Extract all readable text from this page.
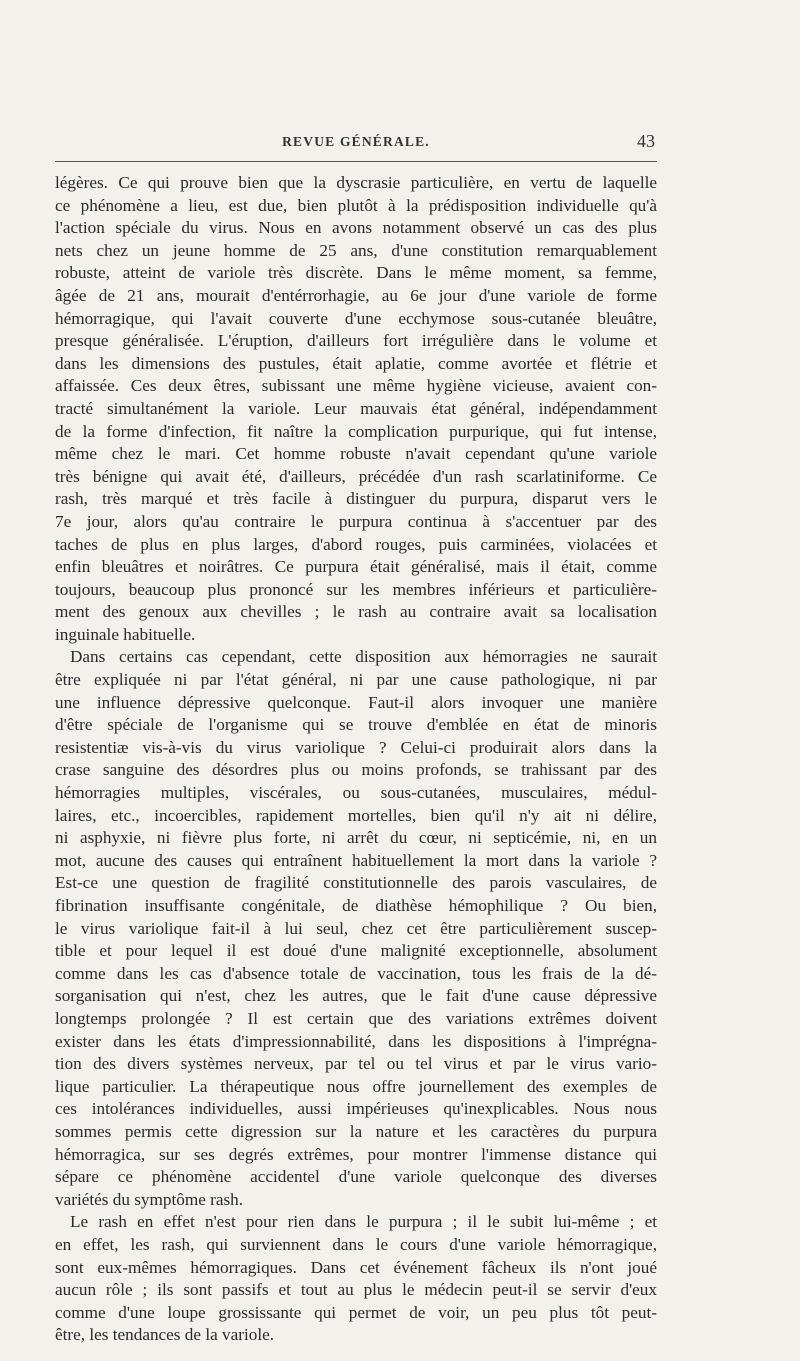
REVUE GÉNÉRALE.	43
légères. Ce qui prouve bien que la dyscrasie particulière, en vertu de laquelle
ce phénomène a lieu, est due, bien plutôt à la prédisposition individuelle qu'à
l'action spéciale du virus. Nous en avons notamment observé un cas des plus
nets chez un jeune homme de 25 ans, d'une constitution remarquablement
robuste, atteint de variole très discrète. Dans le même moment, sa femme,
âgée de 21 ans, mourait d'entérrorhagie, au 6e jour d'une variole de forme
hémorragique, qui l'avait couverte d'une ecchymose sous-cutanée bleuâtre,
presque généralisée. L'éruption, d'ailleurs fort irrégulière dans le volume et
dans les dimensions des pustules, était aplatie, comme avortée et flétrie et
affaissée. Ces deux êtres, subissant une même hygiène vicieuse, avaient con-
tracté simultanément la variole. Leur mauvais état général, indépendamment
de la forme d'infection, fit naître la complication purpurique, qui fut intense,
même chez le mari. Cet homme robuste n'avait cependant qu'une variole
très bénigne qui avait été, d'ailleurs, précédée d'un rash scarlatiniforme. Ce
rash, très marqué et très facile à distinguer du purpura, disparut vers le
7e jour, alors qu'au contraire le purpura continua à s'accentuer par des
taches de plus en plus larges, d'abord rouges, puis carminées, violacées et
enfin bleuâtres et noirâtres. Ce purpura était généralisé, mais il était, comme
toujours, beaucoup plus prononcé sur les membres inférieurs et particulière-
ment des genoux aux chevilles ; le rash au contraire avait sa localisation
inguinale habituelle.
Dans certains cas cependant, cette disposition aux hémorragies ne saurait
être expliquée ni par l'état général, ni par une cause pathologique, ni par
une influence dépressive quelconque. Faut-il alors invoquer une manière
d'être spéciale de l'organisme qui se trouve d'emblée en état de minoris
resistentiæ vis-à-vis du virus variolique ? Celui-ci produirait alors dans la
crase sanguine des désordres plus ou moins profonds, se trahissant par des
hémorragies multiples, viscérales, ou sous-cutanées, musculaires, médul-
laires, etc., incoercibles, rapidement mortelles, bien qu'il n'y ait ni délire,
ni asphyxie, ni fièvre plus forte, ni arrêt du cœur, ni septicémie, ni, en un
mot, aucune des causes qui entraînent habituellement la mort dans la variole ?
Est-ce une question de fragilité constitutionnelle des parois vasculaires, de
fibrination insuffisante congénitale, de diathèse hémophilique ? Ou bien,
le virus variolique fait-il à lui seul, chez cet être particulièrement suscep-
tible et pour lequel il est doué d'une malignité exceptionnelle, absolument
comme dans les cas d'absence totale de vaccination, tous les frais de la dé-
sorganisation qui n'est, chez les autres, que le fait d'une cause dépressive
longtemps prolongée ? Il est certain que des variations extrêmes doivent
exister dans les états d'impressionnabilité, dans les dispositions à l'imprégna-
tion des divers systèmes nerveux, par tel ou tel virus et par le virus vario-
lique particulier. La thérapeutique nous offre journellement des exemples de
ces intolérances individuelles, aussi impérieuses qu'inexplicables. Nous nous
sommes permis cette digression sur la nature et les caractères du purpura
hémorragica, sur ses degrés extrêmes, pour montrer l'immense distance qui
sépare ce phénomène accidentel d'une variole quelconque des diverses
variétés du symptôme rash.
Le rash en effet n'est pour rien dans le purpura ; il le subit lui-même ; et
en effet, les rash, qui surviennent dans le cours d'une variole hémorragique,
sont eux-mêmes hémorragiques. Dans cet événement fâcheux ils n'ont joué
aucun rôle ; ils sont passifs et tout au plus le médecin peut-il se servir d'eux
comme d'une loupe grossissante qui permet de voir, un peu plus tôt peut-
être, les tendances de la variole.
